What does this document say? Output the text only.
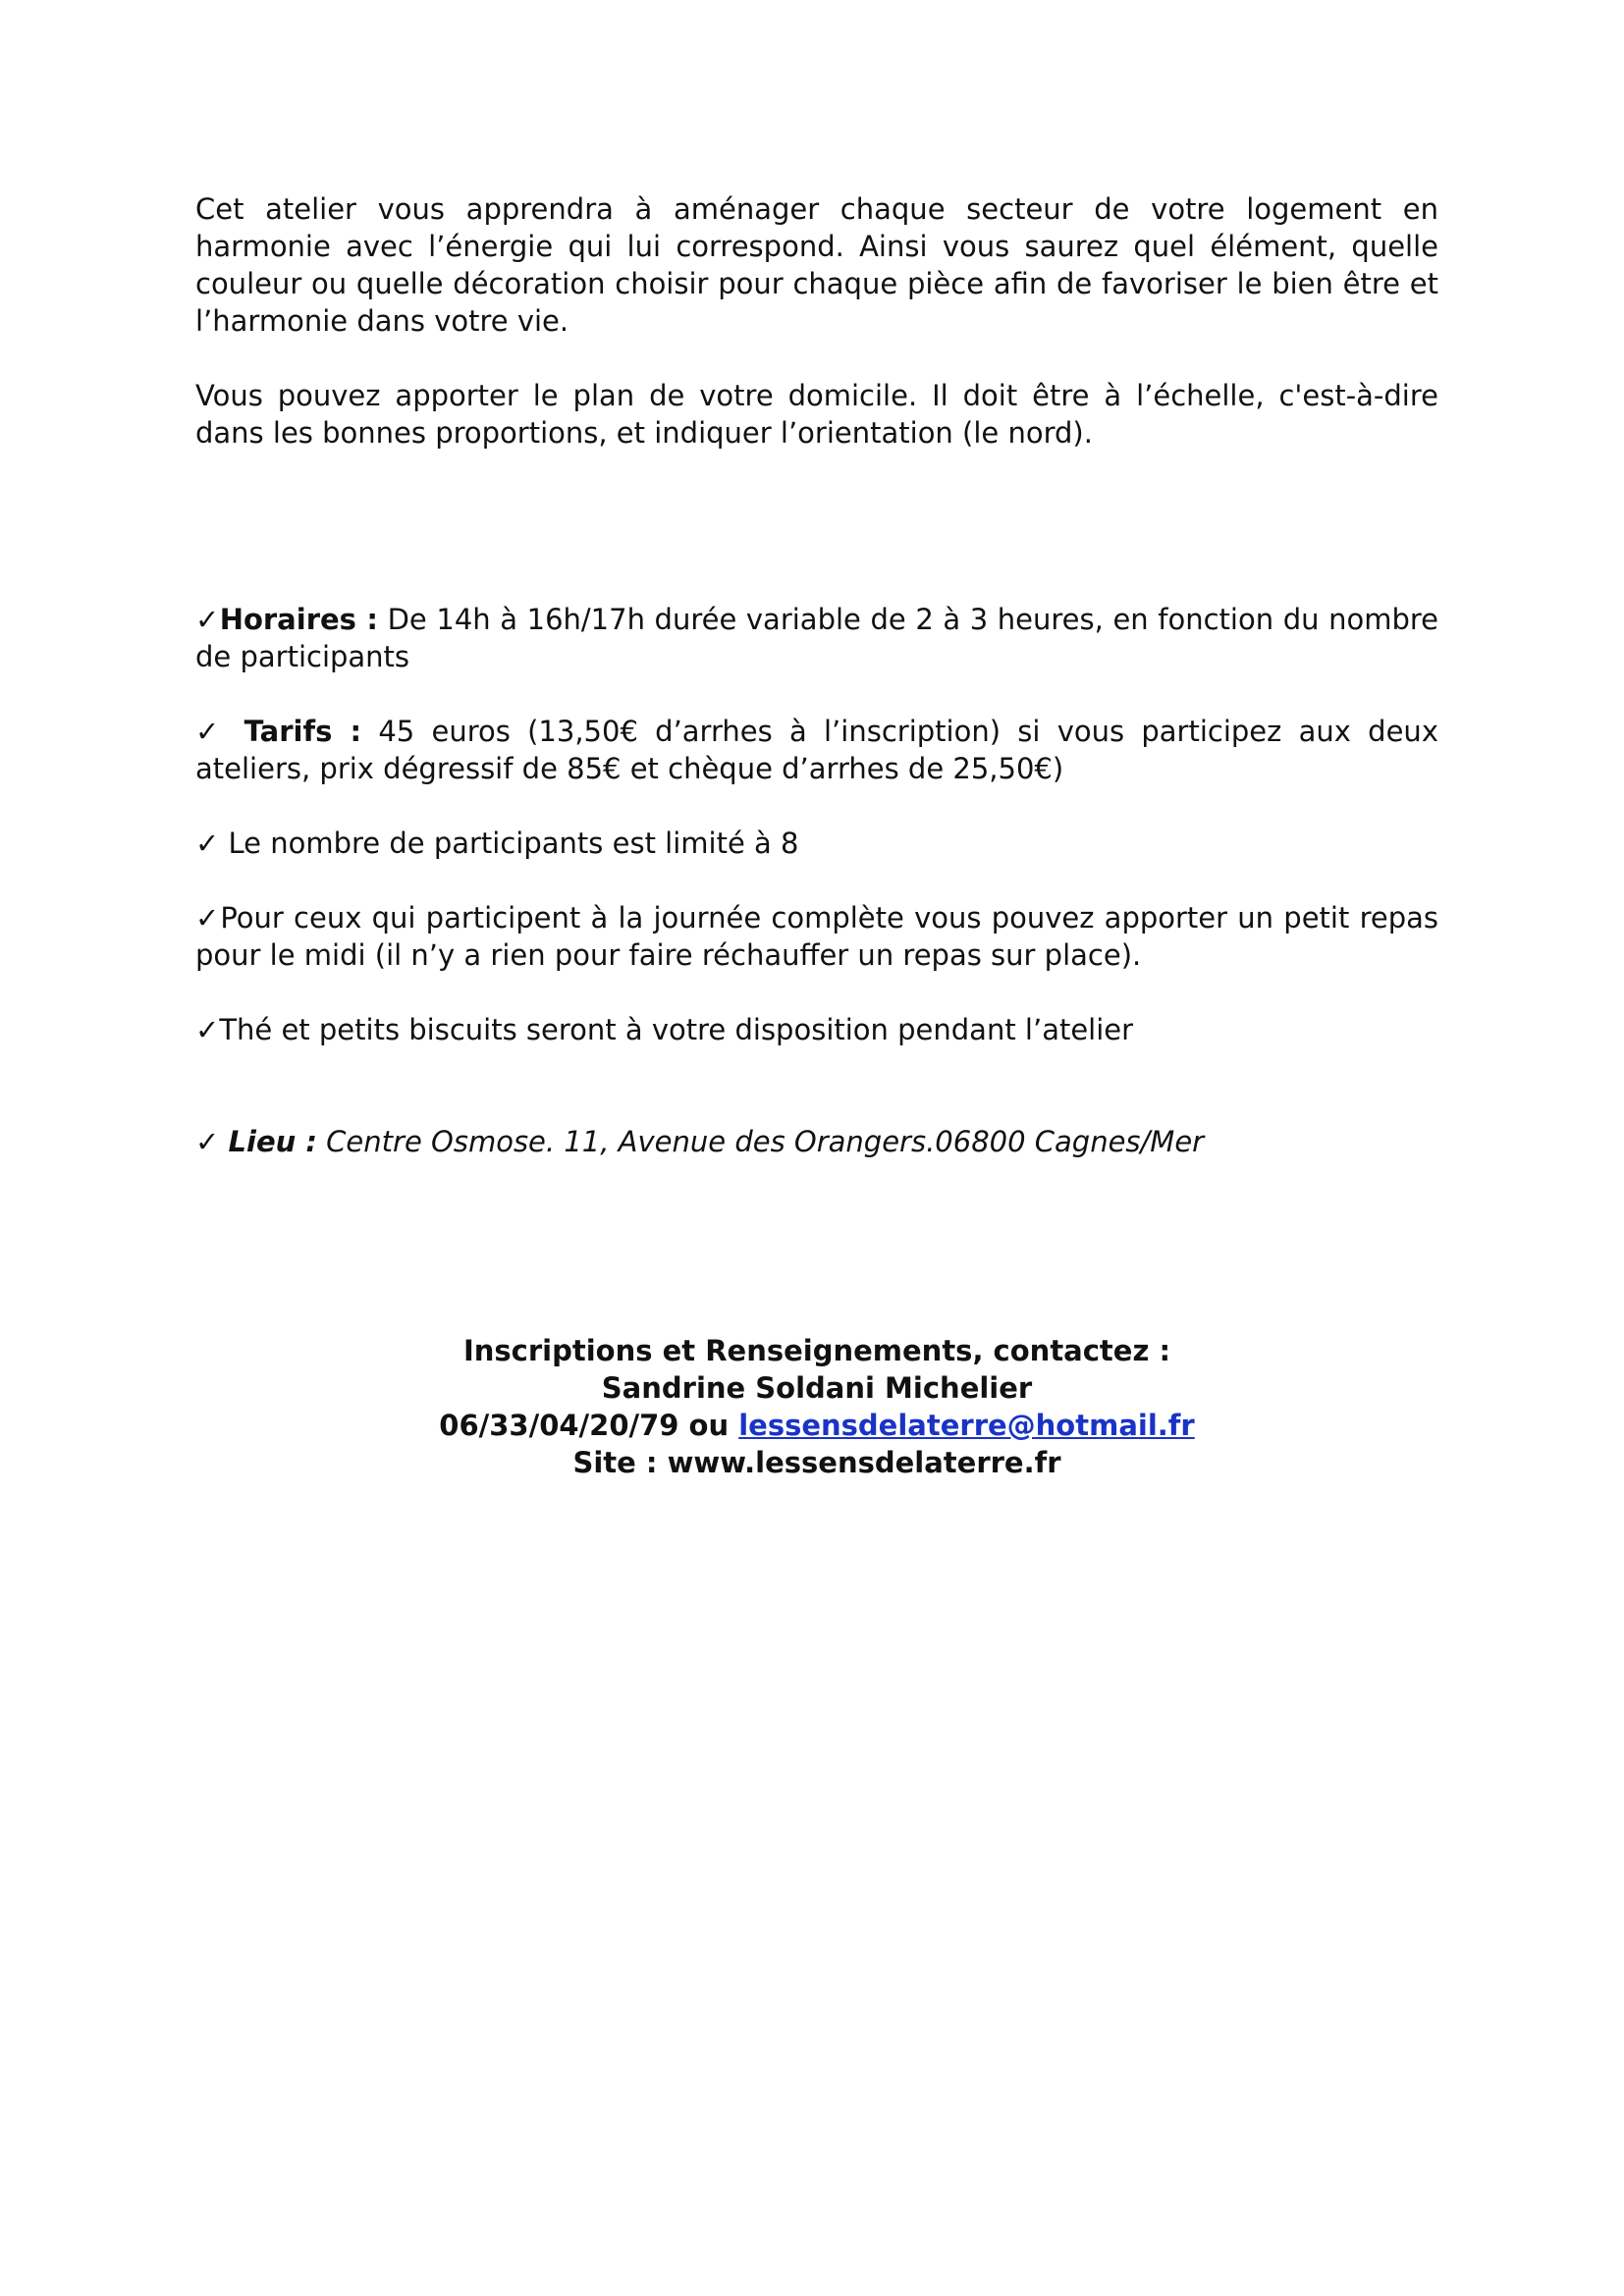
Cet atelier vous apprendra à aménager chaque secteur de votre logement en harmonie avec l’énergie qui lui correspond. Ainsi vous saurez quel élément, quelle couleur ou quelle décoration choisir pour chaque pièce afin de favoriser le bien être et l’harmonie dans votre vie.

Vous pouvez apporter le plan de votre domicile. Il doit être à l’échelle, c'est-à-dire dans les bonnes proportions, et indiquer l’orientation (le nord).

✓Horaires : De 14h à 16h/17h durée variable de 2 à 3 heures, en fonction du nombre de participants

✓ Tarifs : 45 euros (13,50€ d’arrhes à l’inscription) si vous participez aux deux ateliers, prix dégressif de 85€ et chèque d’arrhes de 25,50€)

✓ Le nombre de participants est limité à 8

✓Pour ceux qui participent à la journée complète vous pouvez apporter un petit repas pour le midi (il n’y a rien pour faire réchauffer un repas sur place).

✓Thé et petits biscuits seront à votre disposition pendant l’atelier

✓ Lieu : Centre Osmose. 11, Avenue des Orangers.06800 Cagnes/Mer

Inscriptions et Renseignements, contactez :
Sandrine Soldani Michelier
06/33/04/20/79 ou lessensdelaterre@hotmail.fr
Site : www.lessensdelaterre.fr
